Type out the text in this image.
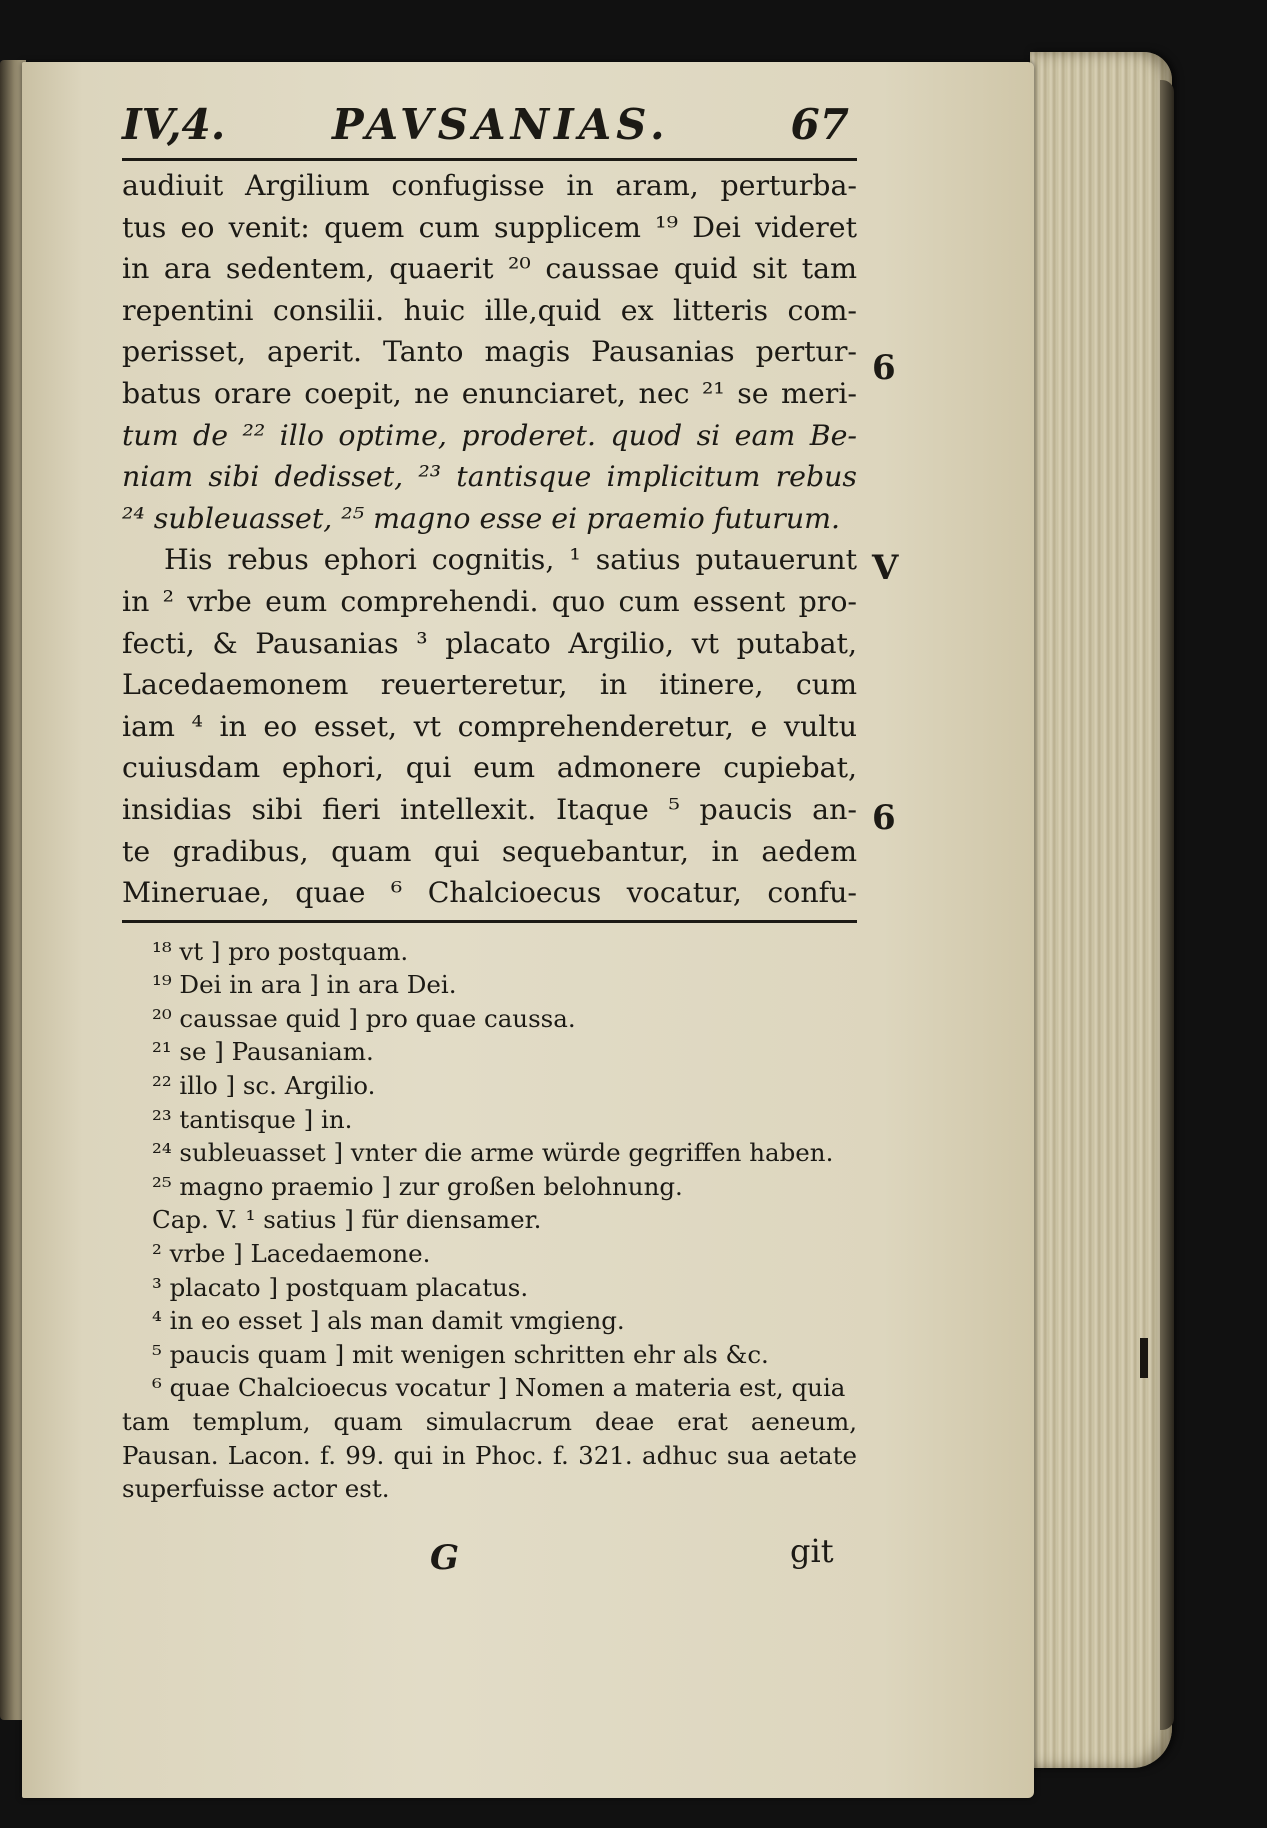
IV,4.	PAVSANIAS.	67
audiuit Argilium confugisse in aram, perturba-
tus eo venit: quem cum supplicem ¹⁹ Dei videret
in ara sedentem, quaerit ²⁰ caussae quid sit tam
repentini consilii. huic ille,quid ex litteris com-
perisset, aperit. Tanto magis Pausanias pertur-
batus orare coepit, ne enunciaret, nec ²¹ se meri-
tum de ²² illo optime, proderet. quod si eam Be-
niam sibi dedisset, ²³ tantisque implicitum rebus
²⁴ subleuasset, ²⁵ magno esse ei praemio futurum.
His rebus ephori cognitis, ¹ satius putauerunt
in ² vrbe eum comprehendi. quo cum essent pro-
fecti, & Pausanias ³ placato Argilio, vt putabat,
Lacedaemonem reuerteretur, in itinere, cum
iam ⁴ in eo esset, vt comprehenderetur, e vultu
cuiusdam ephori, qui eum admonere cupiebat,
insidias sibi fieri intellexit. Itaque ⁵ paucis an-
te gradibus, quam qui sequebantur, in aedem
Mineruae, quae ⁶ Chalcioecus vocatur, confu-
¹⁸ vt ] pro postquam.
¹⁹ Dei in ara ] in ara Dei.
²⁰ caussae quid ] pro quae caussa.
²¹ se ] Pausaniam.
²² illo ] sc. Argilio.
²³ tantisque ] in.
²⁴ subleuasset ] vnter die arme würde gegriffen haben.
²⁵ magno praemio ] zur großen belohnung.
Cap. V. ¹ satius ] für diensamer.
² vrbe ] Lacedaemone.
³ placato ] postquam placatus.
⁴ in eo esset ] als man damit vmgieng.
⁵ paucis quam ] mit wenigen schritten ehr als &c.
⁶ quae Chalcioecus vocatur ] Nomen a materia est, quia
tam templum, quam simulacrum deae erat aeneum,
Pausan. Lacon. f. 99. qui in Phoc. f. 321. adhuc sua aetate
superfuisse actor est.
6
V
6
G	git
